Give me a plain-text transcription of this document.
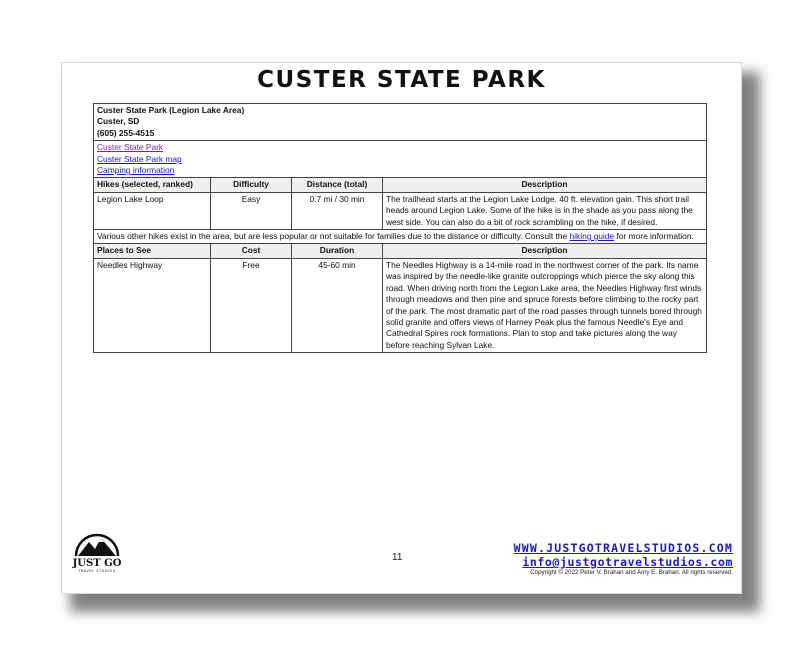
CUSTER STATE PARK
Custer State Park (Legion Lake Area)
Custer, SD
(605) 255-4515			

Custer State Park
Custer State Park map
Camping information			

Hikes (selected, ranked)	Difficulty	Distance (total)	Description
Legion Lake Loop	Easy	0.7 mi / 30 min	The trailhead starts at the Legion Lake Lodge. 40 ft. elevation gain. This short trail heads around Legion Lake. Some of the hike is in the shade as you pass along the west side. You can also do a bit of rock scrambling on the hike, if desired.
Various other hikes exist in the area, but are less popular or not suitable for families due to the distance or difficulty. Consult the hiking guide for more information.			
Places to See	Cost	Duration	Description
Needles Highway	Free	45-60 min	The Needles Highway is a 14-mile road in the northwest corner of the park. Its name was inspired by the needle-like granite outcroppings which pierce the sky along this road. When driving north from the Legion Lake area, the Needles Highway first winds through meadows and then pine and spruce forests before climbing to the rocky part of the park. The most dramatic part of the road passes through tunnels bored through solid granite and offers views of Harney Peak plus the famous Needle's Eye and Cathedral Spires rock formations. Plan to stop and take pictures along the way before reaching Sylvan Lake.
JUST GO
TRAVEL STUDIOS
11
WWW.JUSTGOTRAVELSTUDIOS.COM
info@justgotravelstudios.com
Copyright © 2022 Peter V. Brahan and Amy E. Brahan. All rights reserved.
